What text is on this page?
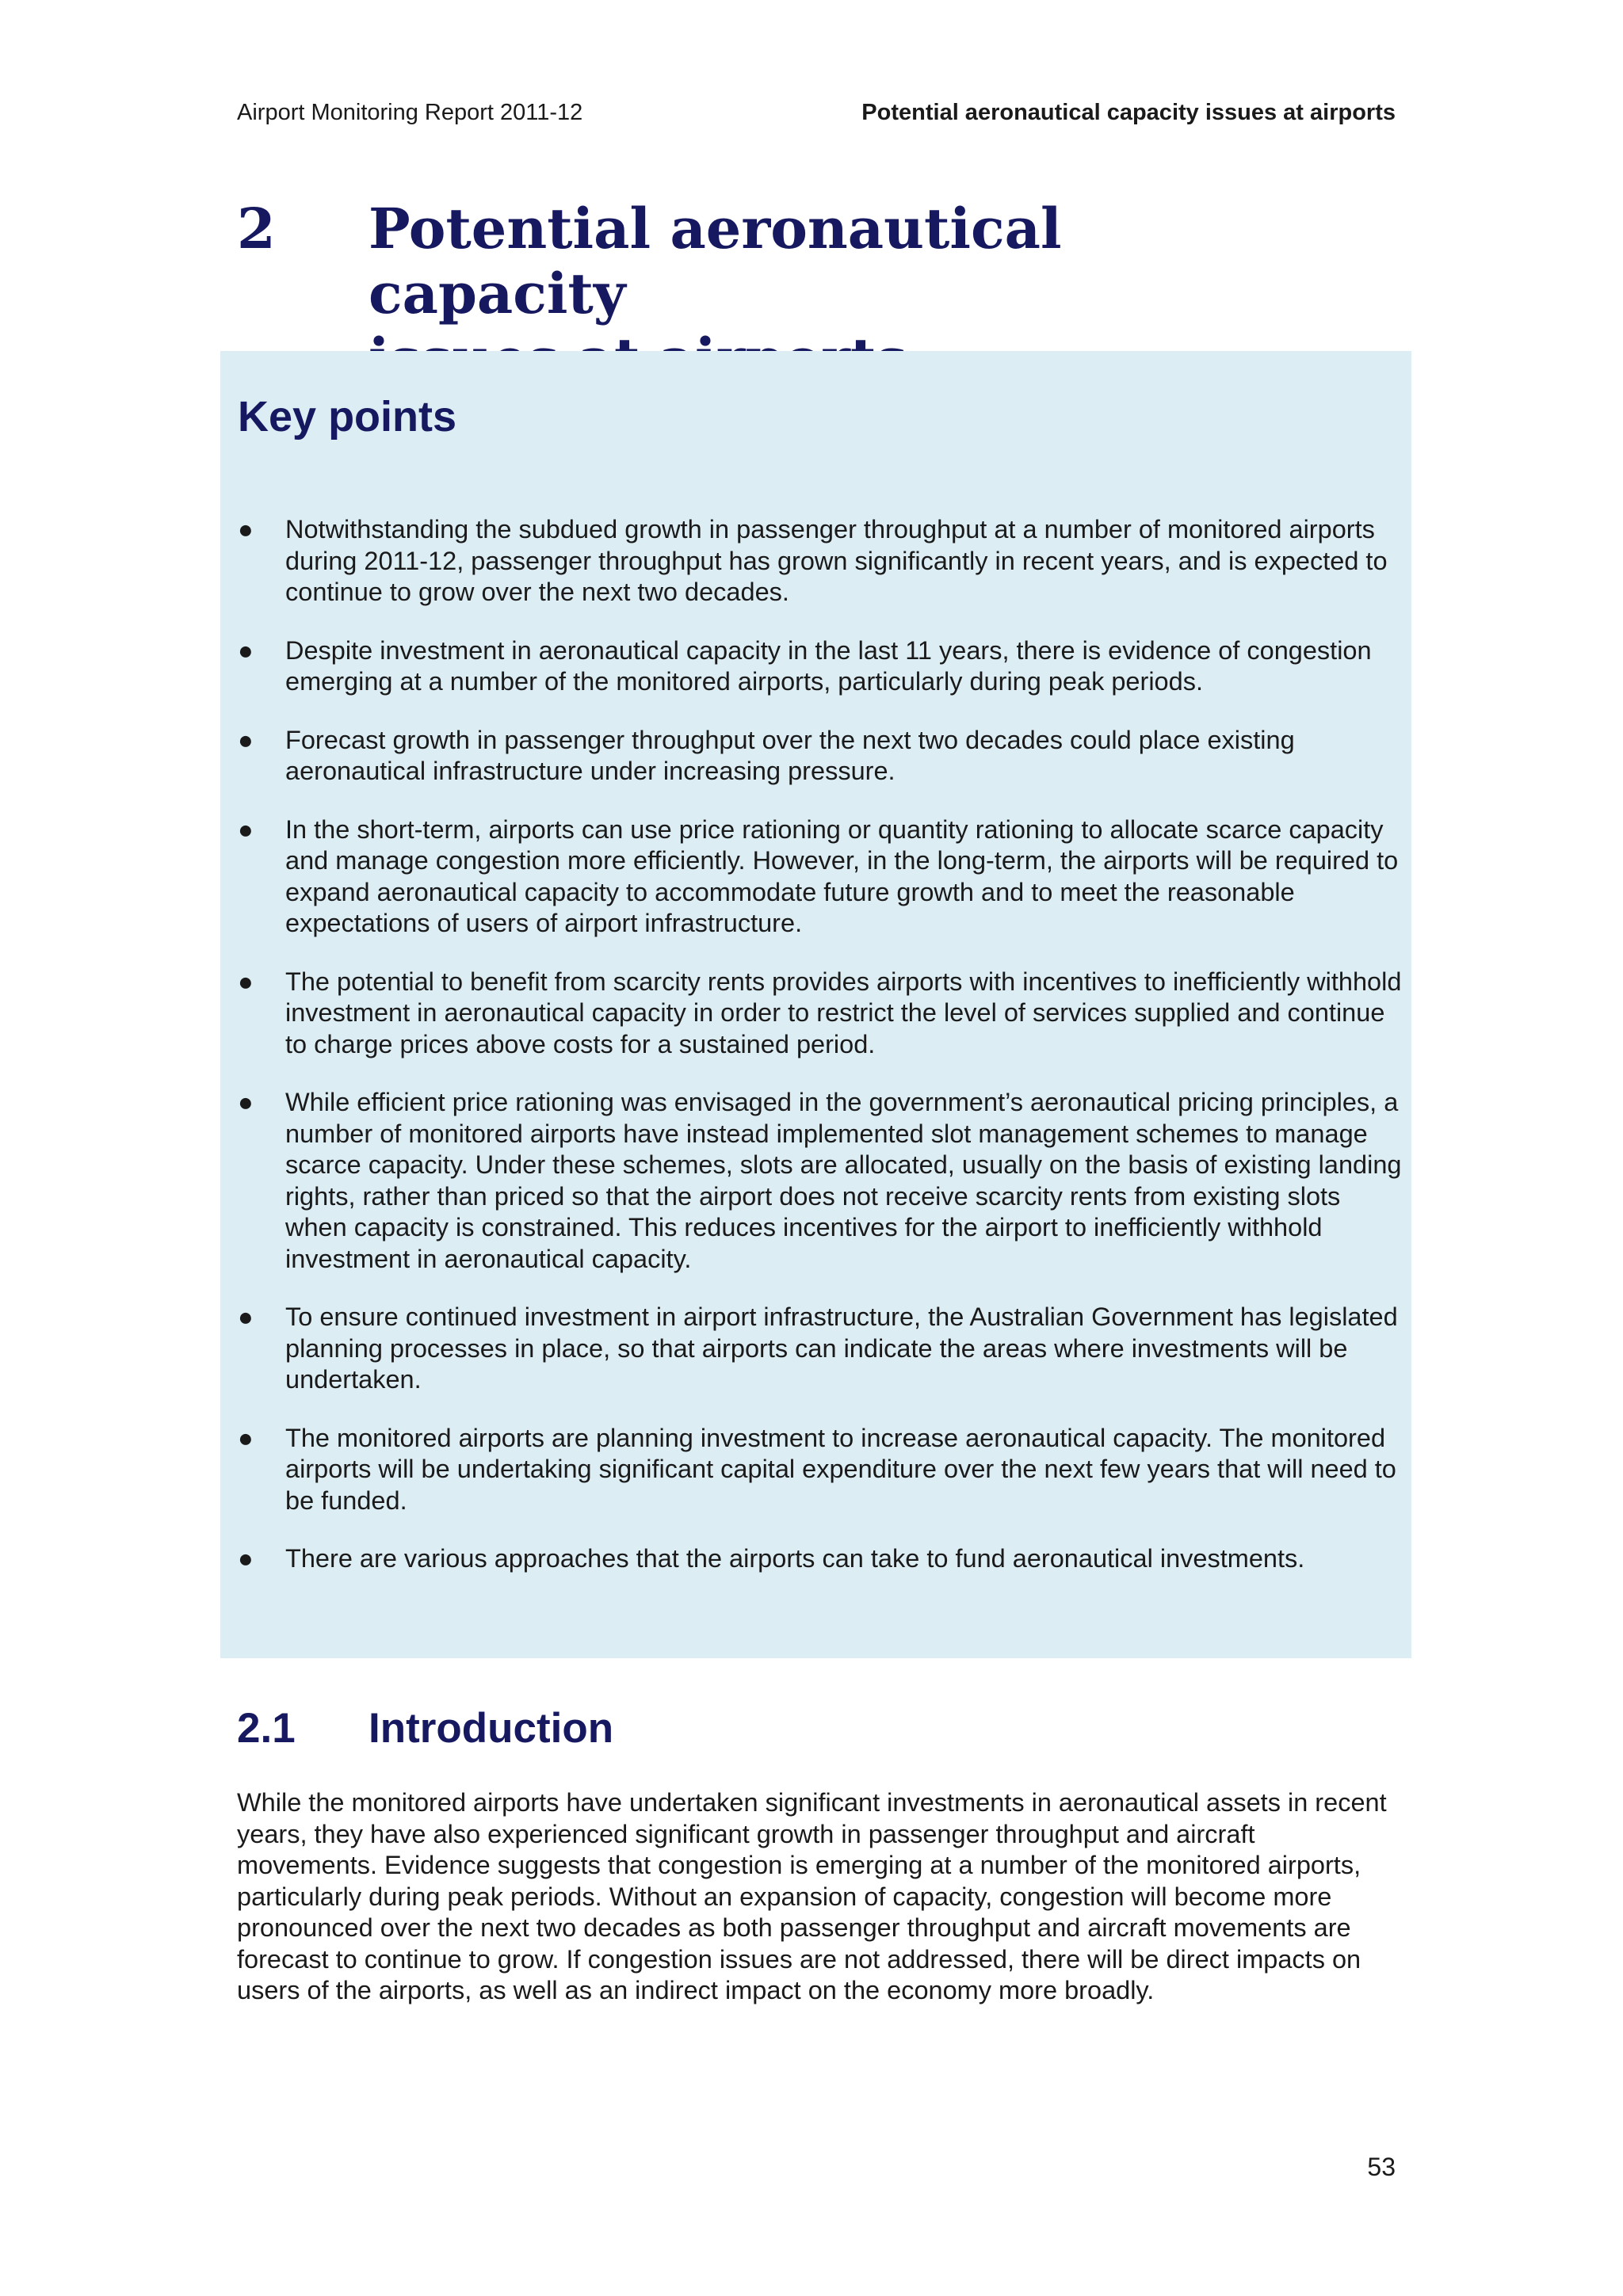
Airport Monitoring Report 2011-12	Potential aeronautical capacity issues at airports
2 Potential aeronautical capacity
Key points
●	Notwithstanding the subdued growth in passenger throughput at a number of monitored airports during 2011-12, passenger throughput has grown significantly in recent years, and is expected to continue to grow over the next two decades.
●	Despite investment in aeronautical capacity in the last 11 years, there is evidence of congestion emerging at a number of the monitored airports, particularly during peak periods.
●	Forecast growth in passenger throughput over the next two decades could place existing aeronautical infrastructure under increasing pressure.
●	In the short-term, airports can use price rationing or quantity rationing to allocate scarce capacity and manage congestion more efficiently. However, in the long-term, the airports will be required to expand aeronautical capacity to accommodate future growth and to meet the reasonable expectations of users of airport infrastructure.
●	The potential to benefit from scarcity rents provides airports with incentives to inefficiently withhold investment in aeronautical capacity in order to restrict the level of services supplied and continue to charge prices above costs for a sustained period.
●	While efficient price rationing was envisaged in the government’s aeronautical pricing principles, a number of monitored airports have instead implemented slot management schemes to manage scarce capacity. Under these schemes, slots are allocated, usually on the basis of existing landing rights, rather than priced so that the airport does not receive scarcity rents from existing slots when capacity is constrained. This reduces incentives for the airport to inefficiently withhold investment in aeronautical capacity.
●	To ensure continued investment in airport infrastructure, the Australian Government has legislated planning processes in place, so that airports can indicate the areas where investments will be undertaken.
●	The monitored airports are planning investment to increase aeronautical capacity. The monitored airports will be undertaking significant capital expenditure over the next few years that will need to be funded.
●	There are various approaches that the airports can take to fund aeronautical investments.
2.1 Introduction

While the monitored airports have undertaken significant investments in aeronautical assets in recent years, they have also experienced significant growth in passenger throughput and aircraft movements. Evidence suggests that congestion is emerging at a number of the monitored airports, particularly during peak periods. Without an expansion of capacity, congestion will become more pronounced over the next two decades as both passenger throughput and aircraft movements are forecast to continue to grow. If congestion issues are not addressed, there will be direct impacts on users of the airports, as well as an indirect impact on the economy more broadly.

53
